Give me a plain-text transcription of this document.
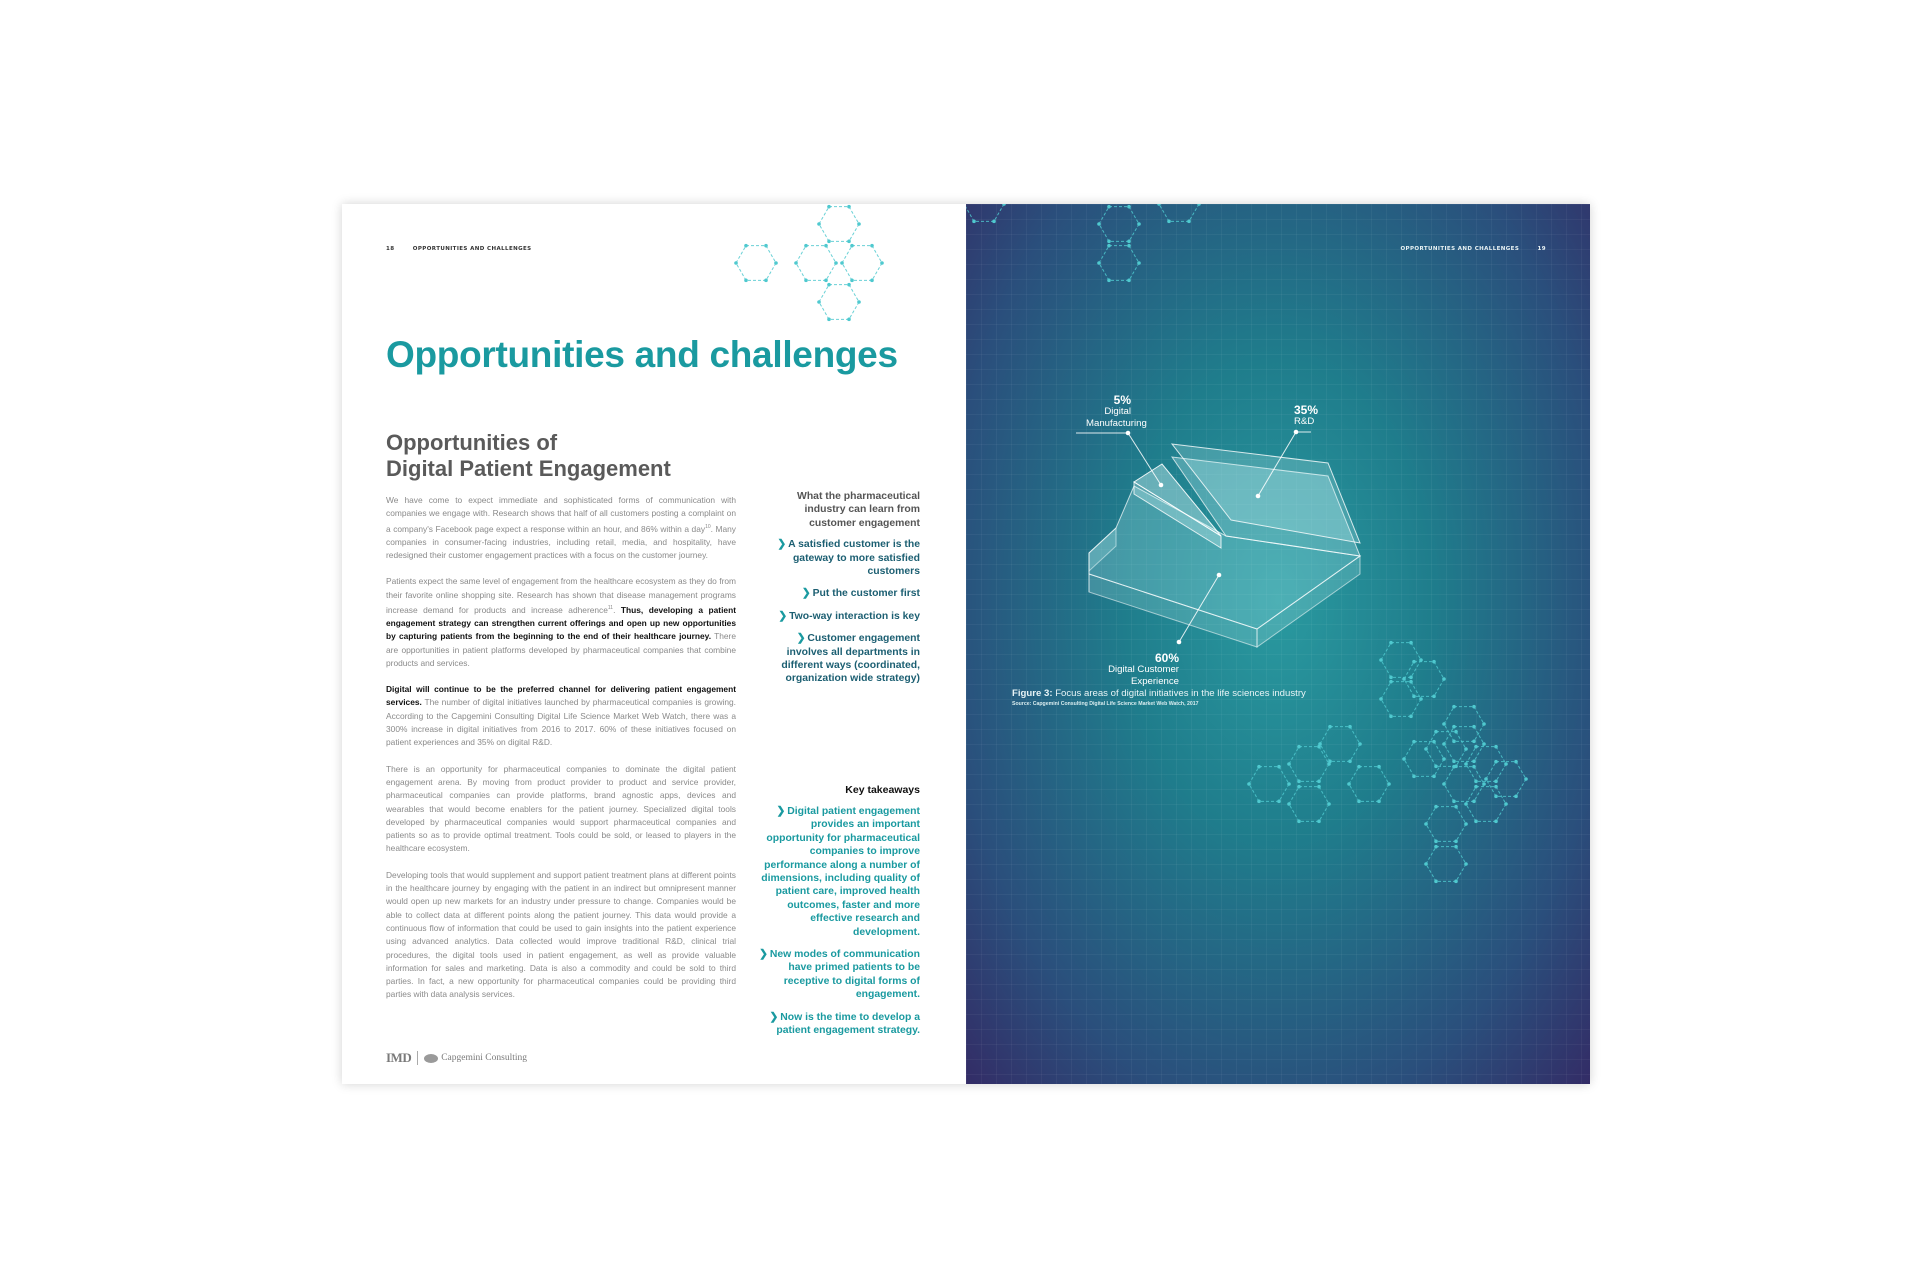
18	OPPORTUNITIES AND CHALLENGES
Opportunities and challenges
Opportunities of
Digital Patient Engagement

We have come to expect immediate and sophisticated forms of communication with companies we engage with. Research shows that half of all customers posting a complaint on a company's Facebook page expect a response within an hour, and 86% within a day$^{10}$. Many companies in consumer-facing industries, including retail, media, and hospitality, have redesigned their customer engagement practices with a focus on the customer journey.

Patients expect the same level of engagement from the healthcare ecosystem as they do from their favorite online shopping site. Research has shown that disease management programs increase demand for products and increase adherence$^{11}$. Thus, developing a patient engagement strategy can strengthen current offerings and open up new opportunities by capturing patients from the beginning to the end of their healthcare journey. There are opportunities in patient platforms developed by pharmaceutical companies that combine products and services.

Digital will continue to be the preferred channel for delivering patient engagement services. The number of digital initiatives launched by pharmaceutical companies is growing. According to the Capgemini Consulting Digital Life Science Market Web Watch, there was a 300% increase in digital initiatives from 2016 to 2017. 60% of these initiatives focused on patient experiences and 35% on digital R&D.

There is an opportunity for pharmaceutical companies to dominate the digital patient engagement arena. By moving from product provider to product and service provider, pharmaceutical companies can provide platforms, brand agnostic apps, devices and wearables that would become enablers for the patient journey. Specialized digital tools developed by pharmaceutical companies would support pharmaceutical companies and patients so as to provide optimal treatment. Tools could be sold, or leased to players in the healthcare ecosystem.

Developing tools that would supplement and support patient treatment plans at different points in the healthcare journey by engaging with the patient in an indirect but omnipresent manner would open up new markets for an industry under pressure to change. Companies would be able to collect data at different points along the patient journey. This data would provide a continuous flow of information that could be used to gain insights into the patient experience using advanced analytics. Data collected would improve traditional R&D, clinical trial procedures, the digital tools used in patient engagement, as well as provide valuable information for sales and marketing. Data is also a commodity and could be sold to third parties. In fact, a new opportunity for pharmaceutical companies could be providing third parties with data analysis services.

What the pharmaceutical industry can learn from customer engagement
❯ A satisfied customer is the gateway to more satisfied customers
❯ Put the customer first
❯ Two-way interaction is key
❯ Customer engagement involves all departments in different ways (coordinated, organization wide strategy)
Key takeaways
❯ Digital patient engagement provides an important opportunity for pharmaceutical companies to improve performance along a number of dimensions, including quality of patient care, improved health outcomes, faster and more effective research and development.
❯ New modes of communication have primed patients to be receptive to digital forms of engagement.
❯ Now is the time to develop a patient engagement strategy.
IMD	Capgemini Consulting
OPPORTUNITIES AND CHALLENGES	19
5%
Digital
Manufacturing
35%
R&D
60%
Digital Customer
Experience
Figure 3: Focus areas of digital initiatives in the life sciences industry
Source: Capgemini Consulting Digital Life Science Market Web Watch, 2017
